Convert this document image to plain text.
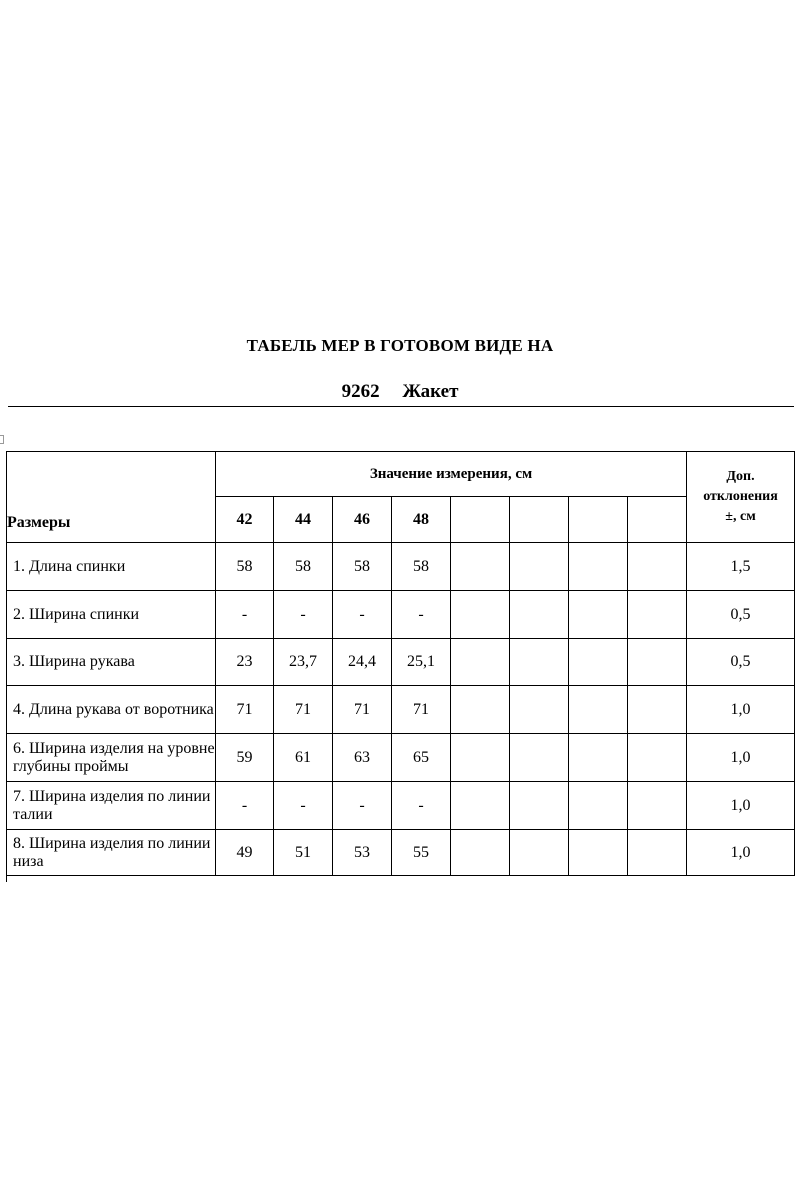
ТАБЕЛЬ МЕР В ГОТОВОМ ВИДЕ НА
9262 Жакет
Размеры	Значение измерения, см								Доп.
отклонения
±, см

	42	44	46	48					
1. Длина спинки	58	58	58	58					1,5
2. Ширина спинки	-	-	-	-					0,5
3. Ширина рукава	23	23,7	24,4	25,1					0,5
4. Длина рукава от воротника	71	71	71	71					1,0
6. Ширина изделия на уровне глубины проймы	59	61	63	65					1,0
7. Ширина изделия по линии талии	-	-	-	-					1,0
8. Ширина изделия по линии низа	49	51	53	55					1,0
